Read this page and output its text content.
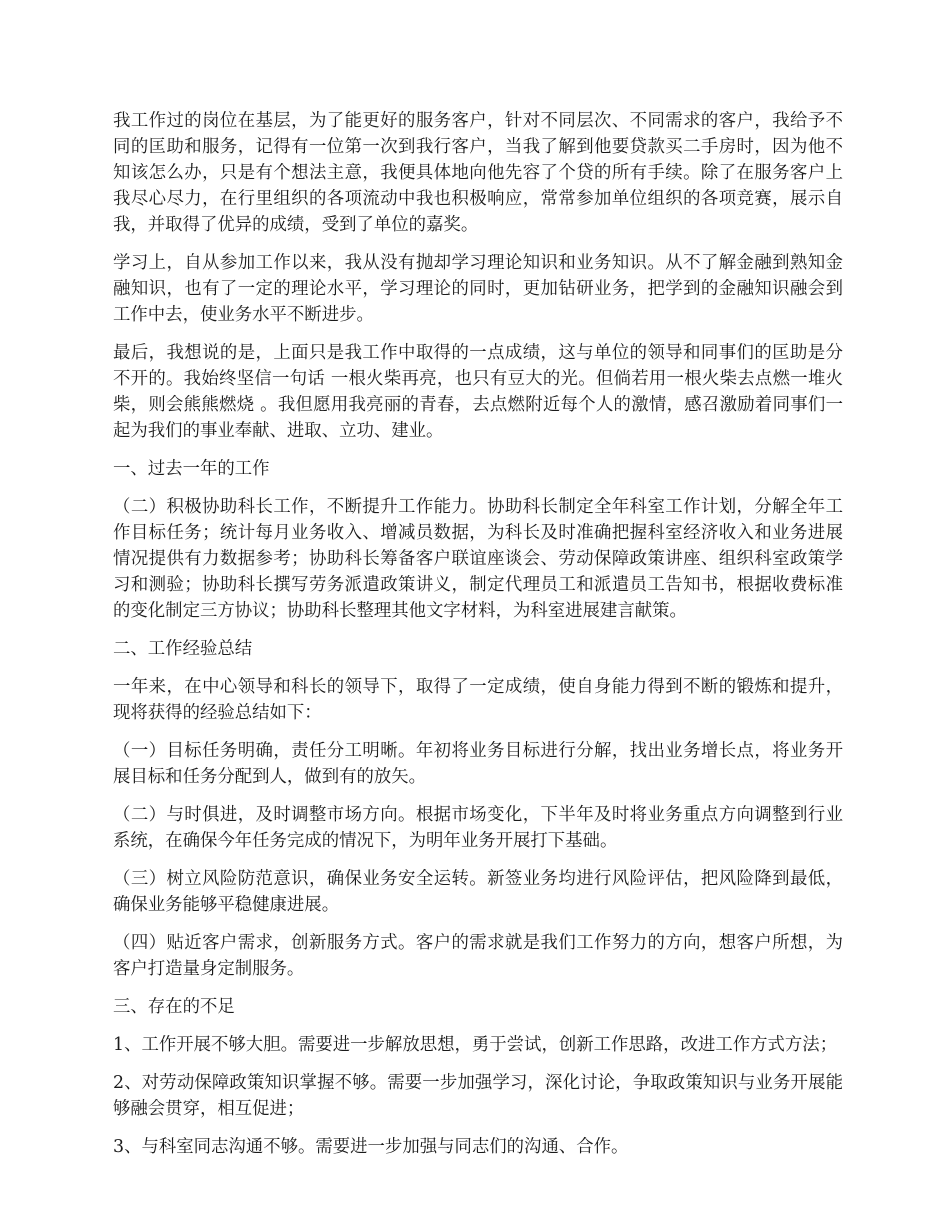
我工作过的岗位在基层，为了能更好的服务客户，针对不同层次、不同需求的客户，我给予不同的匡助和服务，记得有一位第一次到我行客户，当我了解到他要贷款买二手房时，因为他不知该怎么办，只是有个想法主意，我便具体地向他先容了个贷的所有手续。除了在服务客户上我尽心尽力，在行里组织的各项流动中我也积极响应，常常参加单位组织的各项竞赛，展示自我，并取得了优异的成绩，受到了单位的嘉奖。

学习上，自从参加工作以来，我从没有抛却学习理论知识和业务知识。从不了解金融到熟知金融知识，也有了一定的理论水平，学习理论的同时，更加钻研业务，把学到的金融知识融会到工作中去，使业务水平不断进步。

最后，我想说的是，上面只是我工作中取得的一点成绩，这与单位的领导和同事们的匡助是分不开的。我始终坚信一句话 一根火柴再亮，也只有豆大的光。但倘若用一根火柴去点燃一堆火柴，则会熊熊燃烧 。我但愿用我亮丽的青春，去点燃附近每个人的激情，感召激励着同事们一起为我们的事业奉献、进取、立功、建业。

一、过去一年的工作

（二）积极协助科长工作，不断提升工作能力。协助科长制定全年科室工作计划，分解全年工作目标任务；统计每月业务收入、增减员数据，为科长及时准确把握科室经济收入和业务进展情况提供有力数据参考；协助科长筹备客户联谊座谈会、劳动保障政策讲座、组织科室政策学习和测验；协助科长撰写劳务派遣政策讲义，制定代理员工和派遣员工告知书，根据收费标准的变化制定三方协议；协助科长整理其他文字材料，为科室进展建言献策。

二、工作经验总结

一年来，在中心领导和科长的领导下，取得了一定成绩，使自身能力得到不断的锻炼和提升，现将获得的经验总结如下：

（一）目标任务明确，责任分工明晰。年初将业务目标进行分解，找出业务增长点，将业务开展目标和任务分配到人，做到有的放矢。

（二）与时俱进，及时调整市场方向。根据市场变化，下半年及时将业务重点方向调整到行业系统，在确保今年任务完成的情况下，为明年业务开展打下基础。

（三）树立风险防范意识，确保业务安全运转。新签业务均进行风险评估，把风险降到最低，确保业务能够平稳健康进展。

（四）贴近客户需求，创新服务方式。客户的需求就是我们工作努力的方向，想客户所想，为客户打造量身定制服务。

三、存在的不足

1、工作开展不够大胆。需要进一步解放思想，勇于尝试，创新工作思路，改进工作方式方法；

2、对劳动保障政策知识掌握不够。需要一步加强学习，深化讨论，争取政策知识与业务开展能够融会贯穿，相互促进；

3、与科室同志沟通不够。需要进一步加强与同志们的沟通、合作。
